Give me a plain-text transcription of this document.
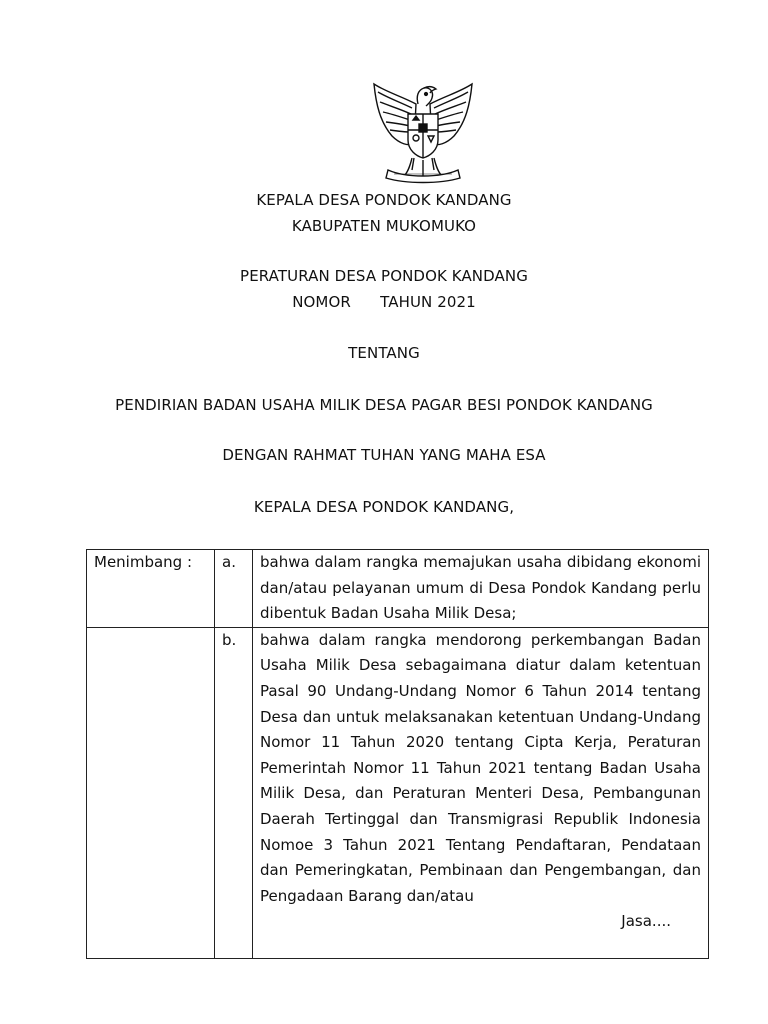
KEPALA DESA PONDOK KANDANG
KABUPATEN MUKOMUKO
PERATURAN DESA PONDOK KANDANG
NOMOR      TAHUN 2021
TENTANG
PENDIRIAN BADAN USAHA MILIK DESA PAGAR BESI PONDOK KANDANG
DENGAN RAHMAT TUHAN YANG MAHA ESA
KEPALA DESA PONDOK KANDANG,
Menimbang :	a.	bahwa dalam rangka memajukan usaha dibidang ekonomi dan/atau pelayanan umum di Desa Pondok Kandang perlu dibentuk Badan Usaha Milik Desa;

	b.	bahwa dalam rangka mendorong perkembangan Badan Usaha Milik Desa sebagaimana diatur dalam ketentuan Pasal 90 Undang-Undang Nomor 6 Tahun 2014 tentang Desa dan untuk melaksanakan ketentuan Undang-Undang Nomor 11 Tahun 2020 tentang Cipta Kerja, Peraturan Pemerintah Nomor 11 Tahun 2021 tentang Badan Usaha Milik Desa, dan Peraturan Menteri Desa, Pembangunan Daerah Tertinggal dan Transmigrasi Republik Indonesia Nomoe 3 Tahun 2021 Tentang Pendaftaran, Pendataan dan Pemeringkatan, Pembinaan dan Pengembangan, dan Pengadaan Barang dan/atau

Jasa....
